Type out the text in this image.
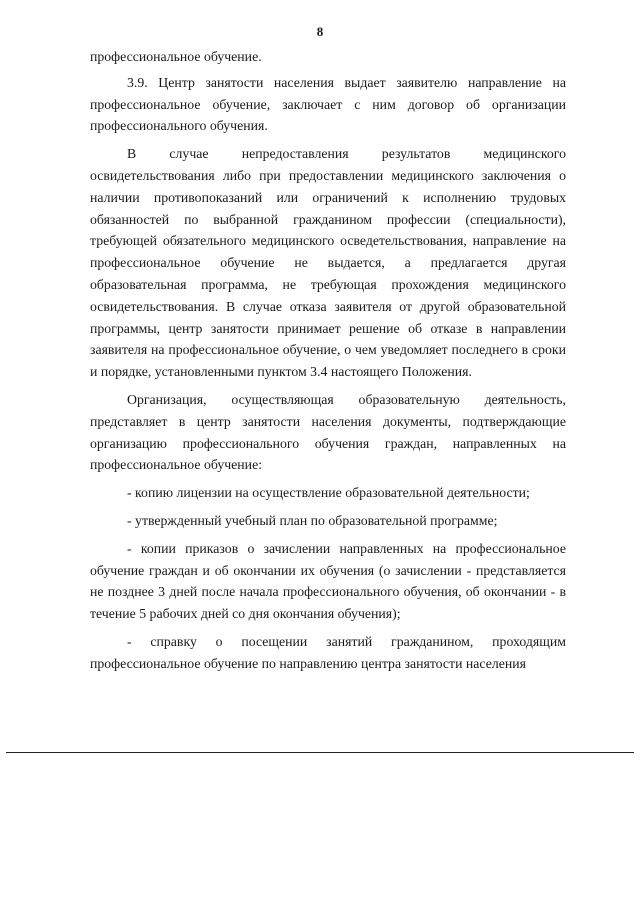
8

профессиональное обучение.

3.9. Центр занятости населения выдает заявителю направление на профессиональное обучение, заключает с ним договор об организации профессионального обучения.

В случае непредоставления результатов медицинского освидетельствования либо при предоставлении медицинского заключения о наличии противопоказаний или ограничений к исполнению трудовых обязанностей по выбранной гражданином профессии (специальности), требующей обязательного медицинского осведетельствования, направление на профессиональное обучение не выдается, а предлагается другая образовательная программа, не требующая прохождения медицинского освидетельствования. В случае отказа заявителя от другой образовательной программы, центр занятости принимает решение об отказе в направлении заявителя на профессиональное обучение, о чем уведомляет последнего в сроки и порядке, установленными пунктом 3.4 настоящего Положения.

Организация, осуществляющая образовательную деятельность, представляет в центр занятости населения документы, подтверждающие организацию профессионального обучения граждан, направленных на профессиональное обучение:

- копию лицензии на осуществление образовательной деятельности;

- утвержденный учебный план по образовательной программе;

- копии приказов о зачислении направленных на профессиональное обучение граждан и об окончании их обучения (о зачислении - представляется не позднее 3 дней после начала профессионального обучения, об окончании - в течение 5 рабочих дней со дня окончания обучения);

- справку о посещении занятий гражданином, проходящим профессиональное обучение по направлению центра занятости населения
